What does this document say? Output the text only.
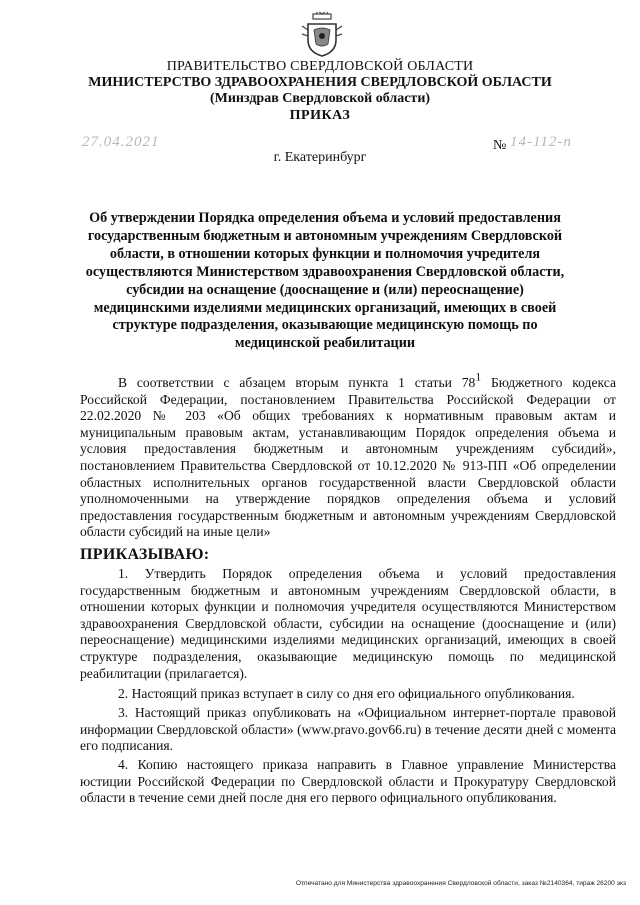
ПРАВИТЕЛЬСТВО СВЕРДЛОВСКОЙ ОБЛАСТИ
МИНИСТЕРСТВО ЗДРАВООХРАНЕНИЯ СВЕРДЛОВСКОЙ ОБЛАСТИ
(Минздрав Свердловской области)
ПРИКАЗ
27.04.2021	№ 14-112-п
г. Екатеринбург
Об утверждении Порядка определения объема и условий предоставления государственным бюджетным и автономным учреждениям Свердловской области, в отношении которых функции и полномочия учредителя осуществляются Министерством здравоохранения Свердловской области, субсидии на оснащение (дооснащение и (или) переоснащение) медицинскими изделиями медицинских организаций, имеющих в своей структуре подразделения, оказывающие медицинскую помощь по медицинской реабилитации

В соответствии с абзацем вторым пункта 1 статьи $78^1$ Бюджетного кодекса Российской Федерации, постановлением Правительства Российской Федерации от 22.02.2020 № 203 «Об общих требованиях к нормативным правовым актам и муниципальным правовым актам, устанавливающим Порядок определения объема и условия предоставления бюджетным и автономным учреждениям субсидий», постановлением Правительства Свердловской от 10.12.2020 № 913-ПП «Об определении областных исполнительных органов государственной власти Свердловской области уполномоченными на утверждение порядков определения объема и условий предоставления государственным бюджетным и автономным учреждениям Свердловской области субсидий на иные цели»

ПРИКАЗЫВАЮ:

1. Утвердить Порядок определения объема и условий предоставления государственным бюджетным и автономным учреждениям Свердловской области, в отношении которых функции и полномочия учредителя осуществляются Министерством здравоохранения Свердловской области, субсидии на оснащение (дооснащение и (или) переоснащение) медицинскими изделиями медицинских организаций, имеющих в своей структуре подразделения, оказывающие медицинскую помощь по медицинской реабилитации (прилагается).

2. Настоящий приказ вступает в силу со дня его официального опубликования.

3. Настоящий приказ опубликовать на «Официальном интернет-портале правовой информации Свердловской области» (www.pravo.gov66.ru) в течение десяти дней с момента его подписания.

4. Копию настоящего приказа направить в Главное управление Министерства юстиции Российской Федерации по Свердловской области и Прокуратуру Свердловской области в течение семи дней после дня его первого официального опубликования.

Отпечатано для Министерства здравоохранения Свердловской области, заказ №2140364, тираж 26200 экз
